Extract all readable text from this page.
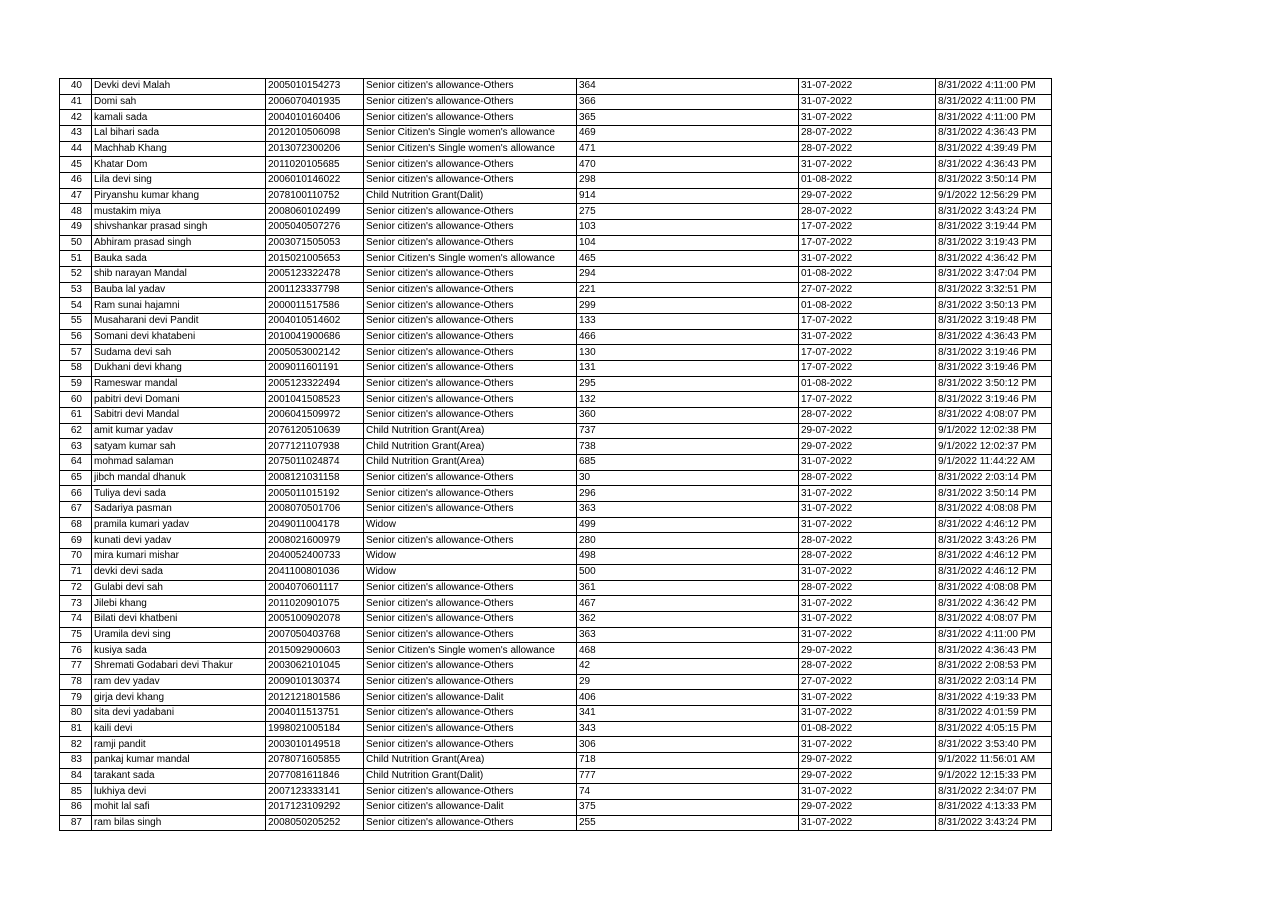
40	Devki devi Malah	2005010154273	Senior citizen's allowance-Others	364	31-07-2022	8/31/2022 4:11:00 PM
41	Domi sah	2006070401935	Senior citizen's allowance-Others	366	31-07-2022	8/31/2022 4:11:00 PM
42	kamali sada	2004010160406	Senior citizen's allowance-Others	365	31-07-2022	8/31/2022 4:11:00 PM
43	Lal bihari sada	2012010506098	Senior Citizen's Single women's allowance	469	28-07-2022	8/31/2022 4:36:43 PM
44	Machhab Khang	2013072300206	Senior Citizen's Single women's allowance	471	28-07-2022	8/31/2022 4:39:49 PM
45	Khatar Dom	2011020105685	Senior citizen's allowance-Others	470	31-07-2022	8/31/2022 4:36:43 PM
46	Lila devi sing	2006010146022	Senior citizen's allowance-Others	298	01-08-2022	8/31/2022 3:50:14 PM
47	Piryanshu kumar khang	2078100110752	Child Nutrition Grant(Dalit)	914	29-07-2022	9/1/2022 12:56:29 PM
48	mustakim miya	2008060102499	Senior citizen's allowance-Others	275	28-07-2022	8/31/2022 3:43:24 PM
49	shivshankar prasad singh	2005040507276	Senior citizen's allowance-Others	103	17-07-2022	8/31/2022 3:19:44 PM
50	Abhiram prasad singh	2003071505053	Senior citizen's allowance-Others	104	17-07-2022	8/31/2022 3:19:43 PM
51	Bauka sada	2015021005653	Senior Citizen's Single women's allowance	465	31-07-2022	8/31/2022 4:36:42 PM
52	shib narayan Mandal	2005123322478	Senior citizen's allowance-Others	294	01-08-2022	8/31/2022 3:47:04 PM
53	Bauba lal yadav	2001123337798	Senior citizen's allowance-Others	221	27-07-2022	8/31/2022 3:32:51 PM
54	Ram sunai hajamni	2000011517586	Senior citizen's allowance-Others	299	01-08-2022	8/31/2022 3:50:13 PM
55	Musaharani devi Pandit	2004010514602	Senior citizen's allowance-Others	133	17-07-2022	8/31/2022 3:19:48 PM
56	Somani devi khatabeni	2010041900686	Senior citizen's allowance-Others	466	31-07-2022	8/31/2022 4:36:43 PM
57	Sudama devi sah	2005053002142	Senior citizen's allowance-Others	130	17-07-2022	8/31/2022 3:19:46 PM
58	Dukhani devi khang	2009011601191	Senior citizen's allowance-Others	131	17-07-2022	8/31/2022 3:19:46 PM
59	Rameswar mandal	2005123322494	Senior citizen's allowance-Others	295	01-08-2022	8/31/2022 3:50:12 PM
60	pabitri devi Domani	2001041508523	Senior citizen's allowance-Others	132	17-07-2022	8/31/2022 3:19:46 PM
61	Sabitri devi Mandal	2006041509972	Senior citizen's allowance-Others	360	28-07-2022	8/31/2022 4:08:07 PM
62	amit kumar yadav	2076120510639	Child Nutrition Grant(Area)	737	29-07-2022	9/1/2022 12:02:38 PM
63	satyam kumar sah	2077121107938	Child Nutrition Grant(Area)	738	29-07-2022	9/1/2022 12:02:37 PM
64	mohmad salaman	2075011024874	Child Nutrition Grant(Area)	685	31-07-2022	9/1/2022 11:44:22 AM
65	jibch mandal dhanuk	2008121031158	Senior citizen's allowance-Others	30	28-07-2022	8/31/2022 2:03:14 PM
66	Tuliya devi sada	2005011015192	Senior citizen's allowance-Others	296	31-07-2022	8/31/2022 3:50:14 PM
67	Sadariya pasman	2008070501706	Senior citizen's allowance-Others	363	31-07-2022	8/31/2022 4:08:08 PM
68	pramila kumari yadav	2049011004178	Widow	499	31-07-2022	8/31/2022 4:46:12 PM
69	kunati devi yadav	2008021600979	Senior citizen's allowance-Others	280	28-07-2022	8/31/2022 3:43:26 PM
70	mira kumari mishar	2040052400733	Widow	498	28-07-2022	8/31/2022 4:46:12 PM
71	devki devi sada	2041100801036	Widow	500	31-07-2022	8/31/2022 4:46:12 PM
72	Gulabi devi sah	2004070601117	Senior citizen's allowance-Others	361	28-07-2022	8/31/2022 4:08:08 PM
73	Jilebi khang	2011020901075	Senior citizen's allowance-Others	467	31-07-2022	8/31/2022 4:36:42 PM
74	Bilati devi khatbeni	2005100902078	Senior citizen's allowance-Others	362	31-07-2022	8/31/2022 4:08:07 PM
75	Uramila devi sing	2007050403768	Senior citizen's allowance-Others	363	31-07-2022	8/31/2022 4:11:00 PM
76	kusiya sada	2015092900603	Senior Citizen's Single women's allowance	468	29-07-2022	8/31/2022 4:36:43 PM
77	Shremati Godabari devi Thakur	2003062101045	Senior citizen's allowance-Others	42	28-07-2022	8/31/2022 2:08:53 PM
78	ram dev yadav	2009010130374	Senior citizen's allowance-Others	29	27-07-2022	8/31/2022 2:03:14 PM
79	girja devi khang	2012121801586	Senior citizen's allowance-Dalit	406	31-07-2022	8/31/2022 4:19:33 PM
80	sita devi yadabani	2004011513751	Senior citizen's allowance-Others	341	31-07-2022	8/31/2022 4:01:59 PM
81	kaili devi	1998021005184	Senior citizen's allowance-Others	343	01-08-2022	8/31/2022 4:05:15 PM
82	ramji pandit	2003010149518	Senior citizen's allowance-Others	306	31-07-2022	8/31/2022 3:53:40 PM
83	pankaj kumar mandal	2078071605855	Child Nutrition Grant(Area)	718	29-07-2022	9/1/2022 11:56:01 AM
84	tarakant sada	2077081611846	Child Nutrition Grant(Dalit)	777	29-07-2022	9/1/2022 12:15:33 PM
85	lukhiya devi	2007123333141	Senior citizen's allowance-Others	74	31-07-2022	8/31/2022 2:34:07 PM
86	mohit lal safi	2017123109292	Senior citizen's allowance-Dalit	375	29-07-2022	8/31/2022 4:13:33 PM
87	ram bilas singh	2008050205252	Senior citizen's allowance-Others	255	31-07-2022	8/31/2022 3:43:24 PM
